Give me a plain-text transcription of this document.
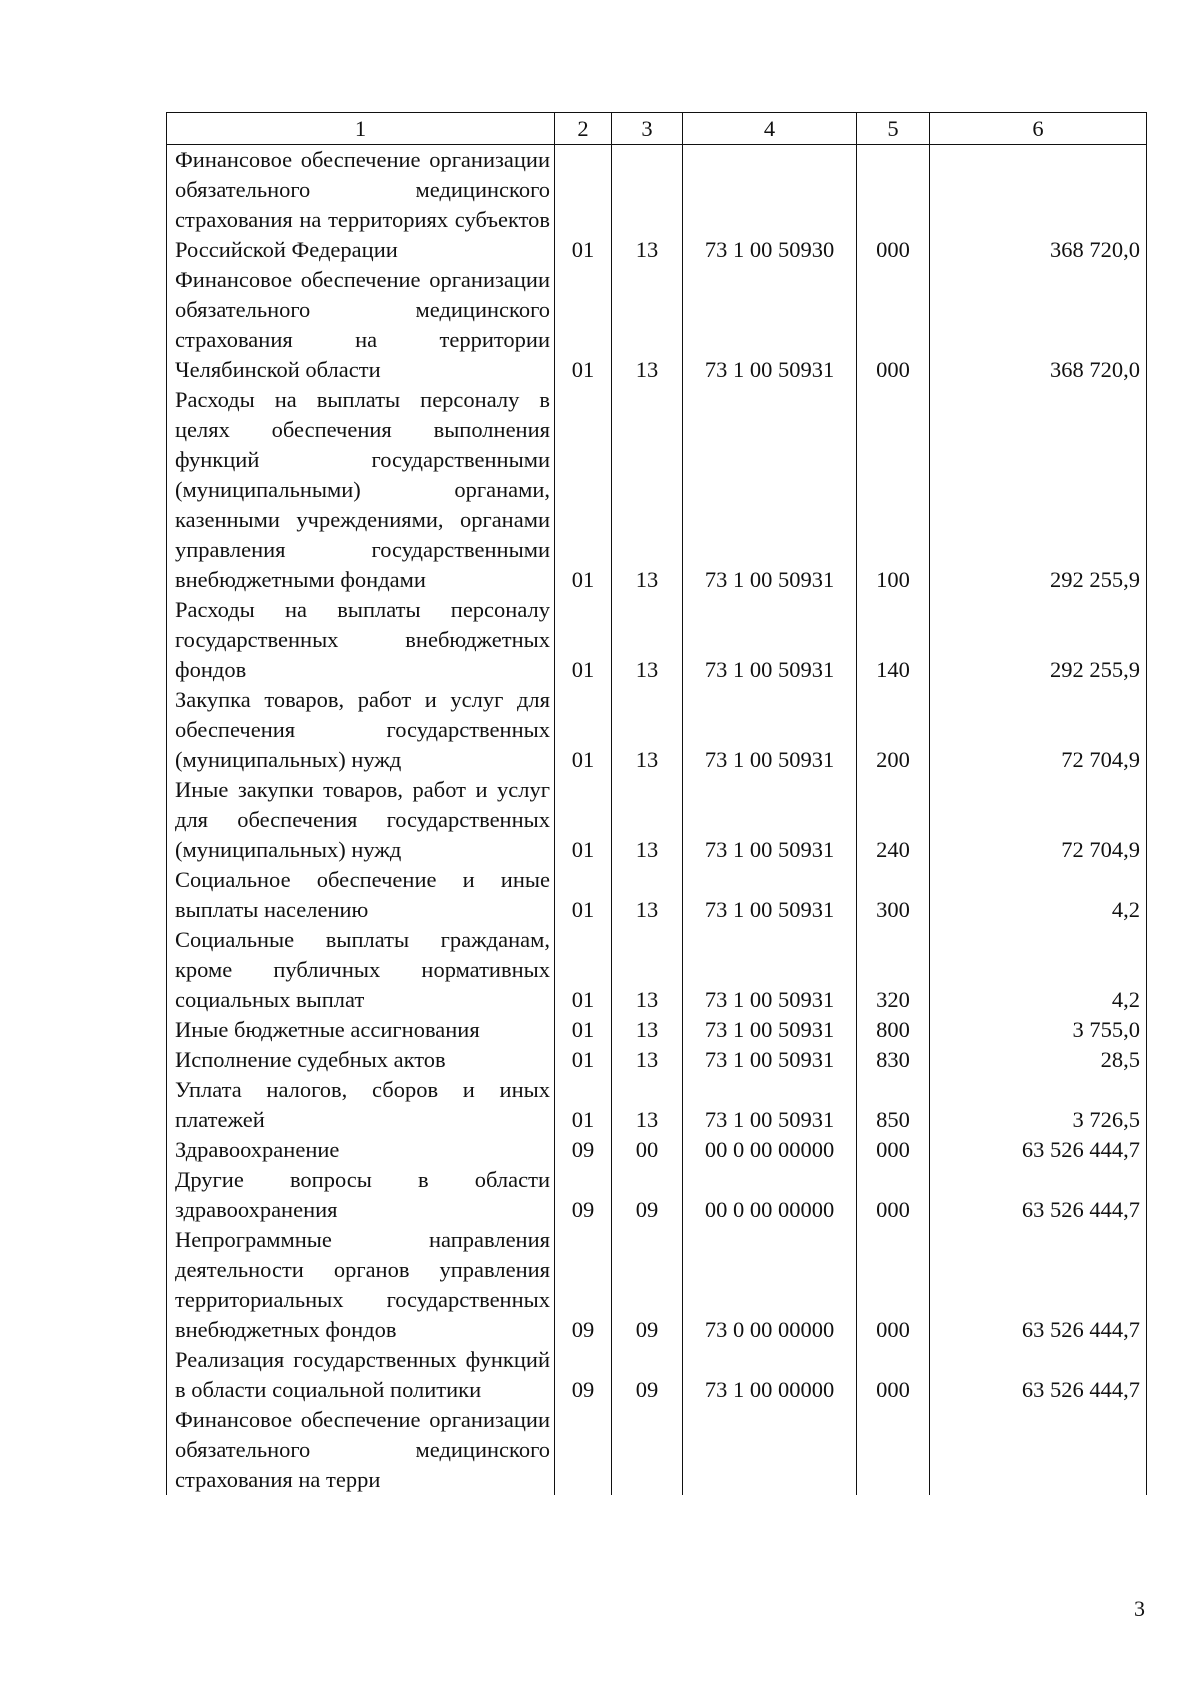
1	2	3	4	5	6
Финансовое обеспечение организации обязательного медицинского страхования на территориях субъектов Российской Федерации	01	13	73 1 00 50930	000	368 720,0
Финансовое обеспечение организации обязательного медицинского страхования на территории Челябинской области	01	13	73 1 00 50931	000	368 720,0
Расходы на выплаты персоналу в целях обеспечения выполнения функций государственными (муниципальными) органами, казенными учреждениями, органами управления государственными внебюджетными фондами	01	13	73 1 00 50931	100	292 255,9
Расходы на выплаты персоналу государственных внебюджетных фондов	01	13	73 1 00 50931	140	292 255,9
Закупка товаров, работ и услуг для обеспечения государственных (муниципальных) нужд	01	13	73 1 00 50931	200	72 704,9
Иные закупки товаров, работ и услуг для обеспечения государственных (муниципальных) нужд	01	13	73 1 00 50931	240	72 704,9
Социальное обеспечение и иные выплаты населению	01	13	73 1 00 50931	300	4,2
Социальные выплаты гражданам, кроме публичных нормативных социальных выплат	01	13	73 1 00 50931	320	4,2
Иные бюджетные ассигнования	01	13	73 1 00 50931	800	3 755,0
Исполнение судебных актов	01	13	73 1 00 50931	830	28,5
Уплата налогов, сборов и иных платежей	01	13	73 1 00 50931	850	3 726,5
Здравоохранение	09	00	00 0 00 00000	000	63 526 444,7
Другие вопросы в области здравоохранения	09	09	00 0 00 00000	000	63 526 444,7
Непрограммные направления деятельности органов управления территориальных государственных внебюджетных фондов	09	09	73 0 00 00000	000	63 526 444,7
Реализация государственных функций в области социальной политики	09	09	73 1 00 00000	000	63 526 444,7
Финансовое обеспечение организации обязательного медицинского страхования на терри					
3
